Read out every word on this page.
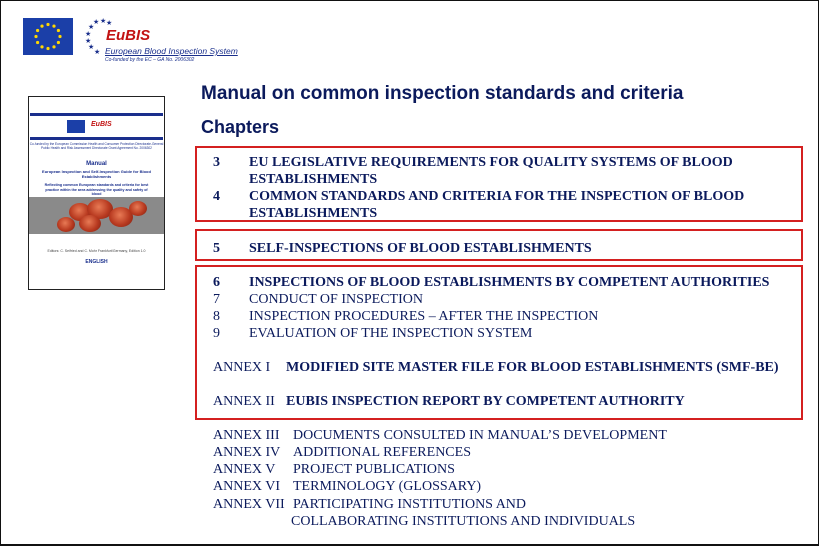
★ ★ ★
★
★
★
★
★
EuBIS
European Blood Inspection System
Co-funded by the EC – GA No. 2006302
EuBIS
Co-funded by the European Commission Health and Consumer Protection Directorate-General Public Health and Risk Assessment Directorate Grant Agreement No. 2006302
Manual
European Inspection and Self-Inspection Guide for Blood Establishments
Reflecting common European standards and criteria for best practice within the area addressing the quality and safety of blood
Editors: C. Seifried and C. Mohr Frankfurt/Germany, Edition 1.0
ENGLISH
Manual on common inspection standards and criteria
Chapters
3 EU LEGISLATIVE REQUIREMENTS FOR QUALITY SYSTEMS OF BLOOD
ESTABLISHMENTS
4 COMMON STANDARDS AND CRITERIA FOR THE INSPECTION OF BLOOD
ESTABLISHMENTS
5 SELF-INSPECTIONS OF BLOOD ESTABLISHMENTS
6 INSPECTIONS OF BLOOD ESTABLISHMENTS BY COMPETENT AUTHORITIES
7 CONDUCT OF INSPECTION
8 INSPECTION PROCEDURES – AFTER THE INSPECTION
9 EVALUATION OF THE INSPECTION SYSTEM
ANNEX I MODIFIED SITE MASTER FILE FOR BLOOD ESTABLISHMENTS (SMF-BE)
ANNEX II EUBIS INSPECTION REPORT BY COMPETENT AUTHORITY
ANNEX III DOCUMENTS CONSULTED IN MANUAL’S DEVELOPMENT
ANNEX IV ADDITIONAL REFERENCES
ANNEX V PROJECT PUBLICATIONS
ANNEX VI TERMINOLOGY (GLOSSARY)
ANNEX VII PARTICIPATING INSTITUTIONS AND
COLLABORATING INSTITUTIONS AND INDIVIDUALS
